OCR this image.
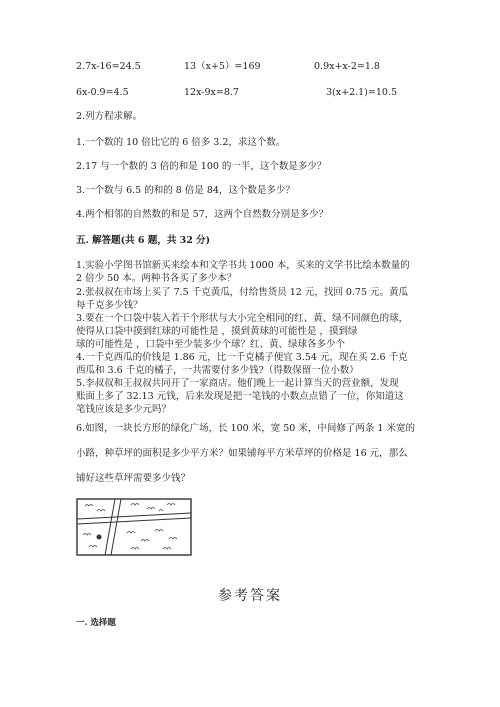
2.7x-16=24.5	13（x+5）=169	0.9x+x-2=1.8
6x-0.9=4.5	12x-9x=8.7	3(x+2.1)=10.5
2.列方程求解。
1.一个数的 10 倍比它的 6 倍多 3.2，求这个数。
2.17 与一个数的 3 倍的和是 100 的一半，这个数是多少？
3.一个数与 6.5 的和的 8 倍是 84，这个数是多少？
4.两个相邻的自然数的和是 57，这两个自然数分别是多少？
五. 解答题(共 6 题，共 32 分)

1.实验小学图书馆新买来绘本和文学书共 1000 本，买来的文学书比绘本数量的

2 倍少 50 本。两种书各买了多少本？

2.张叔叔在市场上买了 7.5 千克黄瓜，付给售货员 12 元，找回 0.75 元。黄瓜

每千克多少钱？

3.要在一个口袋中装入若干个形状与大小完全相同的红、黄、绿不同颜色的球，

使得从口袋中摸到红球的可能性是 ，摸到黄球的可能性是 ，摸到绿

球的可能性是 ，口袋中至少装多少个球？红、黄、绿球各多少个

4.一千克西瓜的价钱是 1.86 元，比一千克橘子便宜 3.54 元，现在买 2.6 千克

西瓜和 3.6 千克的橘子，一共需要付多少钱?（得数保留一位小数）

5.李叔叔和王叔叔共同开了一家商店。他们晚上一起计算当天的营业额，发现

账面上多了 32.13 元钱，后来发现是把一笔钱的小数点点错了一位，你知道这

笔钱应该是多少元吗？

6.如图，一块长方形的绿化广场，长 100 米，宽 50 米，中间修了两条 1 米宽的

小路，种草坪的面积是多少平方米？如果铺每平方米草坪的价格是 16 元，那么

铺好这些草坪需要多少钱？

参考答案
一. 选择题
